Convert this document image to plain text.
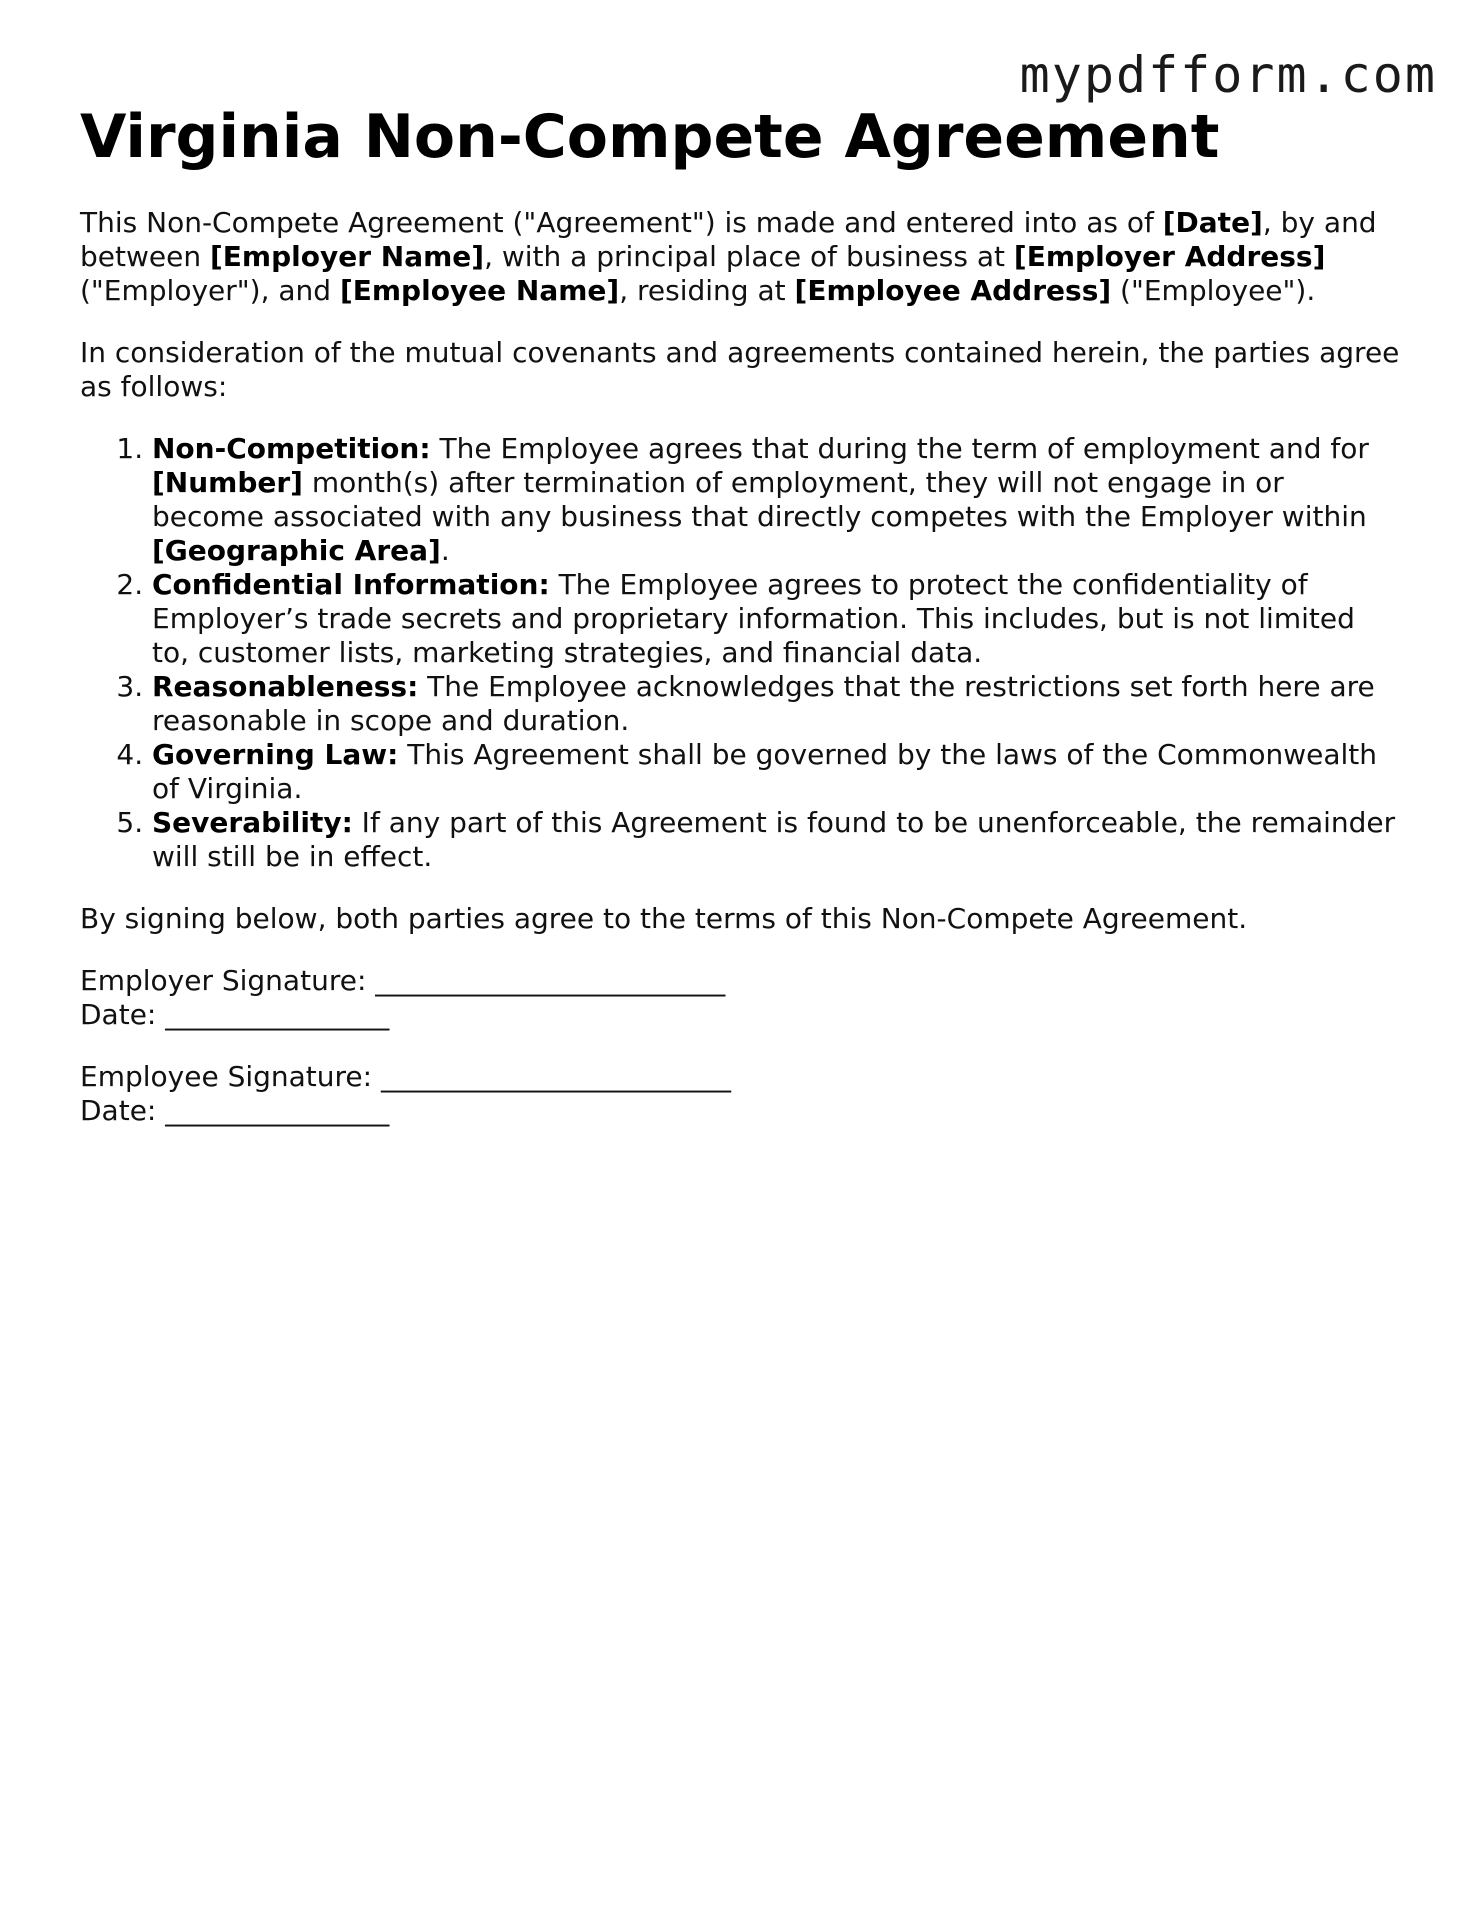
mypdfform.com
Virginia Non-Compete Agreement

This Non-Compete Agreement ("Agreement") is made and entered into as of [Date], by and between [Employer Name], with a principal place of business at [Employer Address] ("Employer"), and [Employee Name], residing at [Employee Address] ("Employee").

In consideration of the mutual covenants and agreements contained herein, the parties agree as follows:

1. Non-Competition: The Employee agrees that during the term of employment and for [Number] month(s) after termination of employment, they will not engage in or become associated with any business that directly competes with the Employer within [Geographic Area].
2. Confidential Information: The Employee agrees to protect the confidentiality of Employer’s trade secrets and proprietary information. This includes, but is not limited to, customer lists, marketing strategies, and financial data.
3. Reasonableness: The Employee acknowledges that the restrictions set forth here are reasonable in scope and duration.
4. Governing Law: This Agreement shall be governed by the laws of the Commonwealth of Virginia.
5. Severability: If any part of this Agreement is found to be unenforceable, the remainder will still be in effect.

By signing below, both parties agree to the terms of this Non-Compete Agreement.

Employer Signature: _________________________
Date: ________________
Employee Signature: _________________________
Date: ________________
